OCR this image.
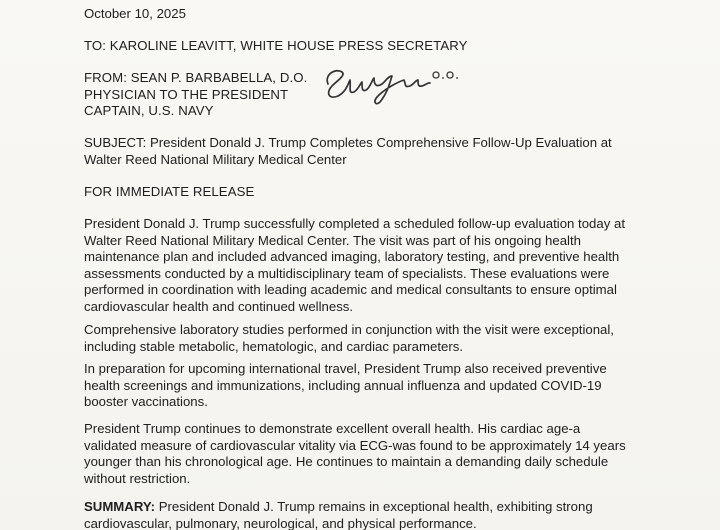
October 10, 2025

TO: KAROLINE LEAVITT, WHITE HOUSE PRESS SECRETARY

FROM: SEAN P. BARBABELLA, D.O.

PHYSICIAN TO THE PRESIDENT

CAPTAIN, U.S. NAVY

SUBJECT: President Donald J. Trump Completes Comprehensive Follow-Up Evaluation at
Walter Reed National Military Medical Center

FOR IMMEDIATE RELEASE

President Donald J. Trump successfully completed a scheduled follow-up evaluation today at
Walter Reed National Military Medical Center. The visit was part of his ongoing health
maintenance plan and included advanced imaging, laboratory testing, and preventive health
assessments conducted by a multidisciplinary team of specialists. These evaluations were
performed in coordination with leading academic and medical consultants to ensure optimal
cardiovascular health and continued wellness.

Comprehensive laboratory studies performed in conjunction with the visit were exceptional,
including stable metabolic, hematologic, and cardiac parameters.

In preparation for upcoming international travel, President Trump also received preventive
health screenings and immunizations, including annual influenza and updated COVID-19
booster vaccinations.

President Trump continues to demonstrate excellent overall health. His cardiac age-a
validated measure of cardiovascular vitality via ECG-was found to be approximately 14 years
younger than his chronological age. He continues to maintain a demanding daily schedule
without restriction.

SUMMARY: President Donald J. Trump remains in exceptional health, exhibiting strong
cardiovascular, pulmonary, neurological, and physical performance.
